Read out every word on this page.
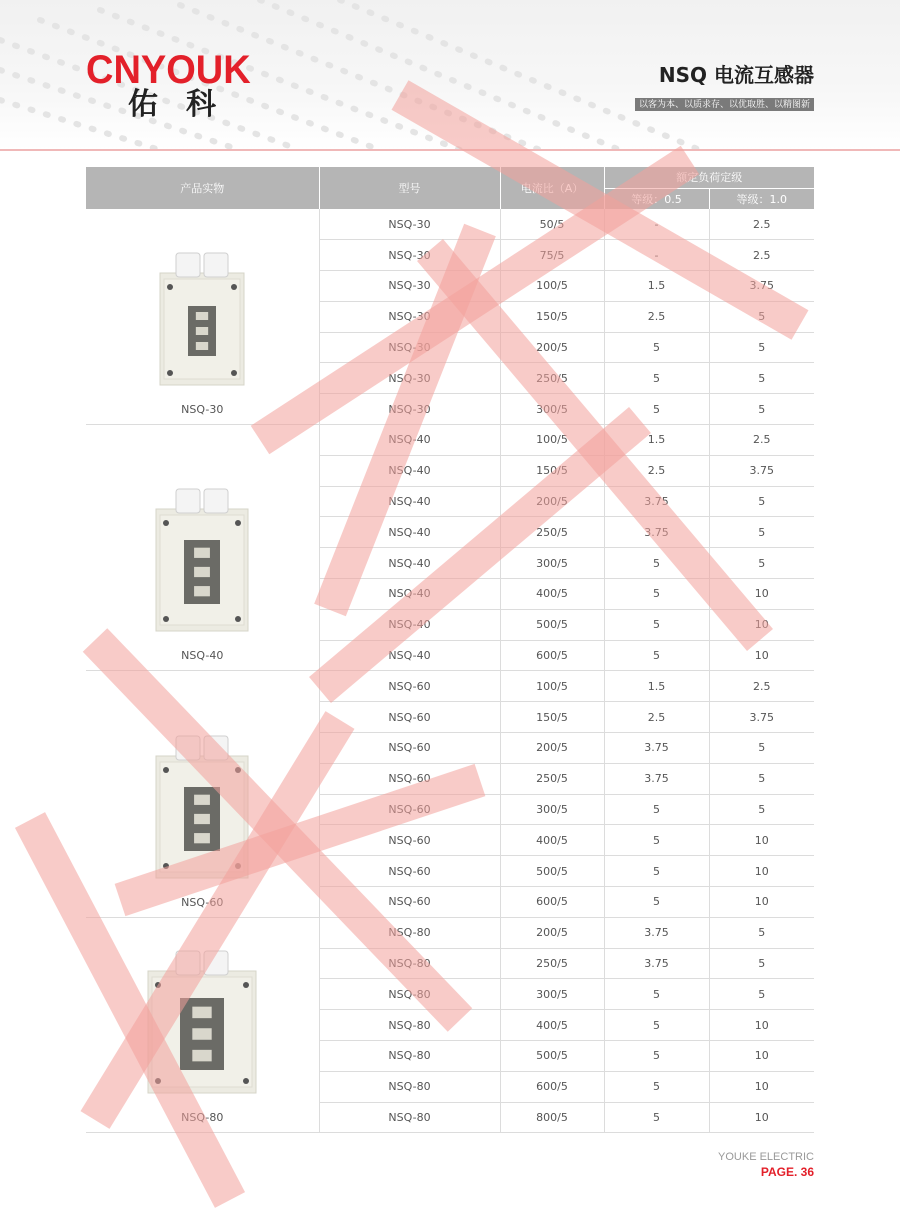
CNYOUK
佑科
NSQ 电流互感器
以客为本、以质求存、以优取胜、以精图新
产品实物	型号	电流比（A）	额定负荷定级	
			等级：0.5	等级：1.0

NSQ-30	NSQ-30	50/5	-	2.5
	NSQ-30	75/5	-	2.5
	NSQ-30	100/5	1.5	3.75
	NSQ-30	150/5	2.5	5
	NSQ-30	200/5	5	5
	NSQ-30	250/5	5	5
	NSQ-30	300/5	5	5

NSQ-40	NSQ-40	100/5	1.5	2.5
	NSQ-40	150/5	2.5	3.75
	NSQ-40	200/5	3.75	5
	NSQ-40	250/5	3.75	5
	NSQ-40	300/5	5	5
	NSQ-40	400/5	5	10
	NSQ-40	500/5	5	10
	NSQ-40	600/5	5	10

NSQ-60	NSQ-60	100/5	1.5	2.5
	NSQ-60	150/5	2.5	3.75
	NSQ-60	200/5	3.75	5
	NSQ-60	250/5	3.75	5
	NSQ-60	300/5	5	5
	NSQ-60	400/5	5	10
	NSQ-60	500/5	5	10
	NSQ-60	600/5	5	10

NSQ-80	NSQ-80	200/5	3.75	5
	NSQ-80	250/5	3.75	5
	NSQ-80	300/5	5	5
	NSQ-80	400/5	5	10
	NSQ-80	500/5	5	10
	NSQ-80	600/5	5	10
	NSQ-80	800/5	5	10
YOUKE ELECTRIC
PAGE. 36
